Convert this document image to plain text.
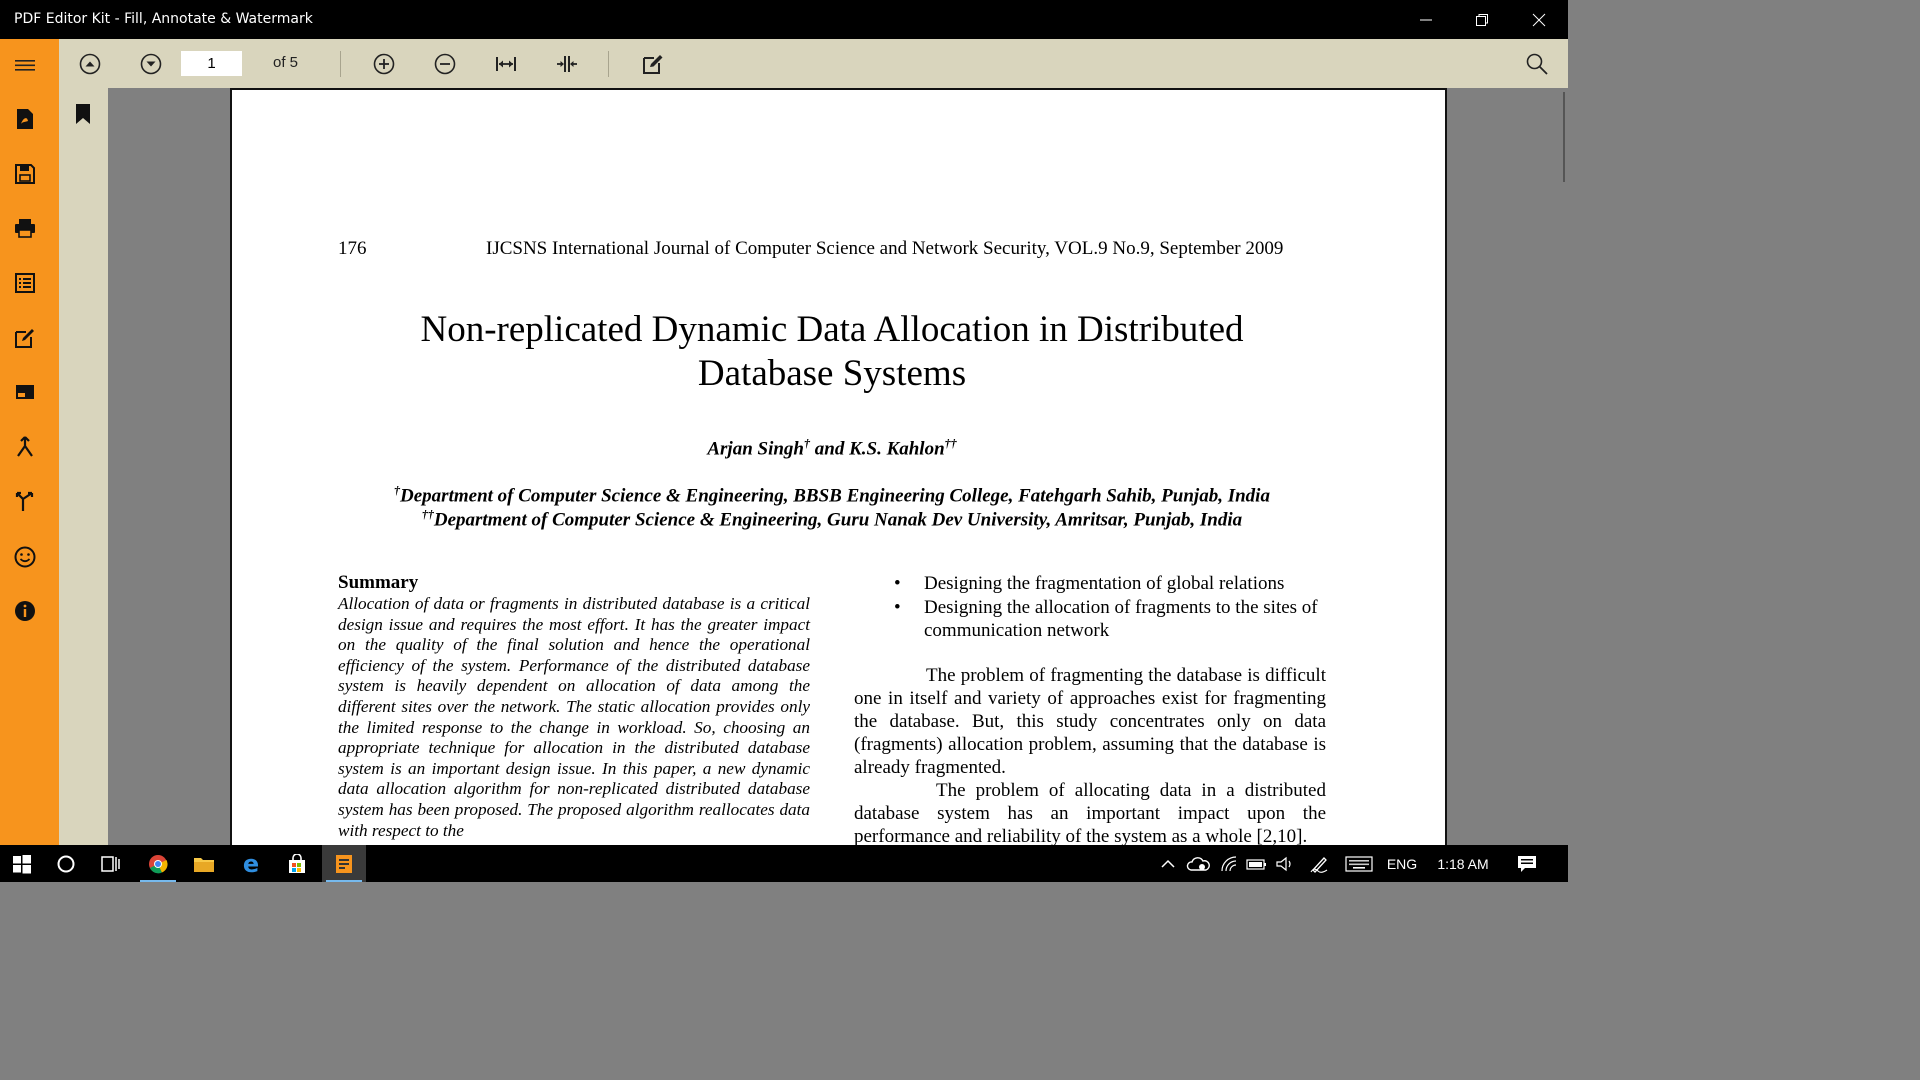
PDF Editor Kit - Fill, Annotate & Watermark
1
of 5
176	IJCSNS International Journal of Computer Science and Network Security, VOL.9 No.9, September 2009
Non-replicated Dynamic Data Allocation in Distributed
Database Systems
Arjan Singh† and K.S. Kahlon††
†Department of Computer Science & Engineering, BBSB Engineering College, Fatehgarh Sahib, Punjab, India
††Department of Computer Science & Engineering, Guru Nanak Dev University, Amritsar, Punjab, India
Summary
Allocation of data or fragments in distributed database is a critical design issue and requires the most effort. It has the greater impact on the quality of the final solution and hence the operational efficiency of the system. Performance of the distributed database system is heavily dependent on allocation of data among the different sites over the network. The static allocation provides only the limited response to the change in workload. So, choosing an appropriate technique for allocation in the distributed database system is an important design issue. In this paper, a new dynamic data allocation algorithm for non-replicated distributed database system has been proposed. The proposed algorithm reallocates data with respect to the
•	Designing the fragmentation of global relations
•	Designing the allocation of fragments to the sites of communication network
The problem of fragmenting the database is difficult one in itself and variety of approaches exist for fragmenting the database. But, this study concentrates only on data (fragments) allocation problem, assuming that the database is already fragmented.
The problem of allocating data in a distributed database system has an important impact upon the performance and reliability of the system as a whole [2,10].
e	ENG	1:18 AM
